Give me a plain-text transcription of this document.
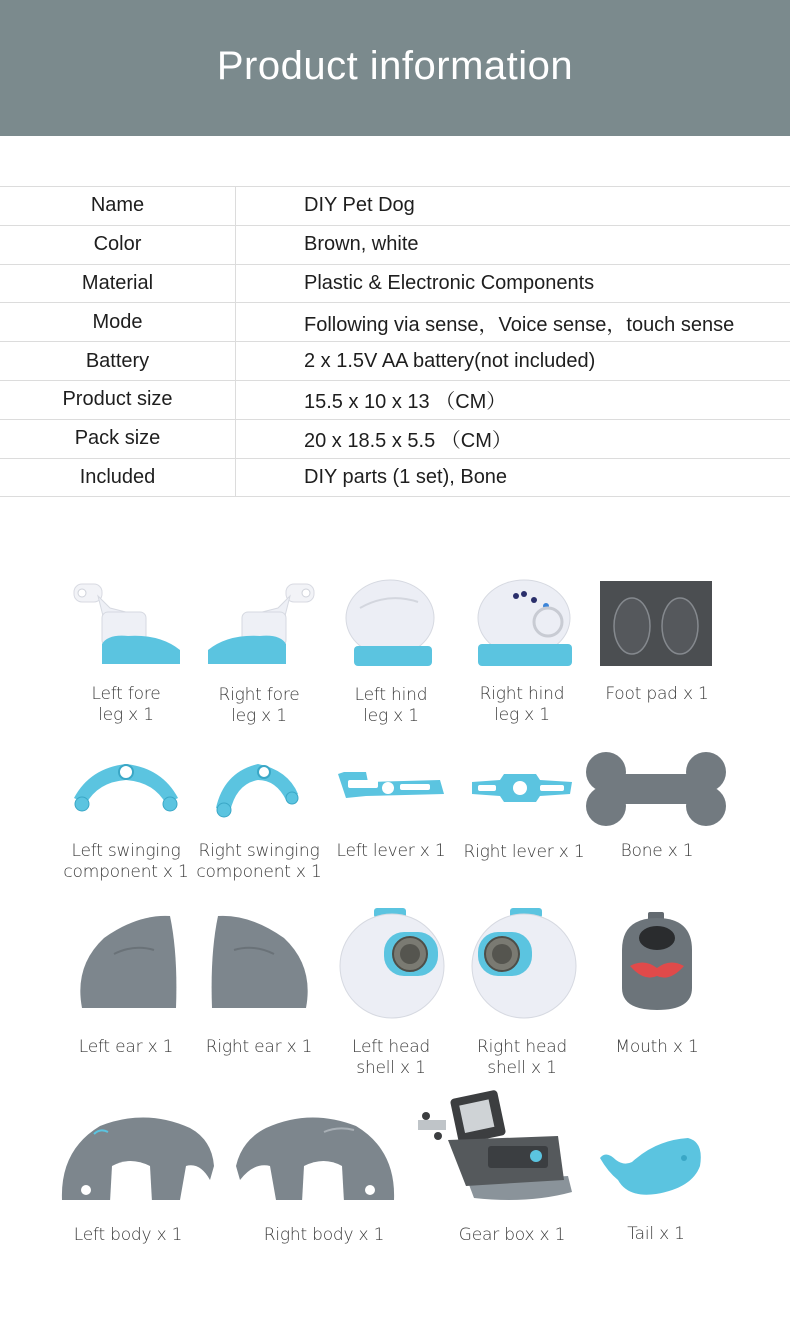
Product information
Name	DIY Pet Dog
Color	Brown, white
Material	Plastic & Electronic Components
Mode	Following via sense，Voice sense，touch sense
Battery	2 x 1.5V AA battery(not included)
Product size	15.5 x 10 x 13 （CM）
Pack size	20 x 18.5 x 5.5 （CM）
Included	DIY parts (1 set), Bone
Left fore
leg x 1
Right fore
leg x 1
Left hind
leg x 1
Right hind
leg x 1
Foot pad x 1
Left swinging
component x 1
Right swinging
component x 1
Left lever x 1	Right lever x 1	Bone x 1
Left ear x 1	Right ear x 1	Left head
shell x 1
Right head
shell x 1
Mouth x 1
Left body x 1	Right body x 1	Gear box x 1	Tail x 1
